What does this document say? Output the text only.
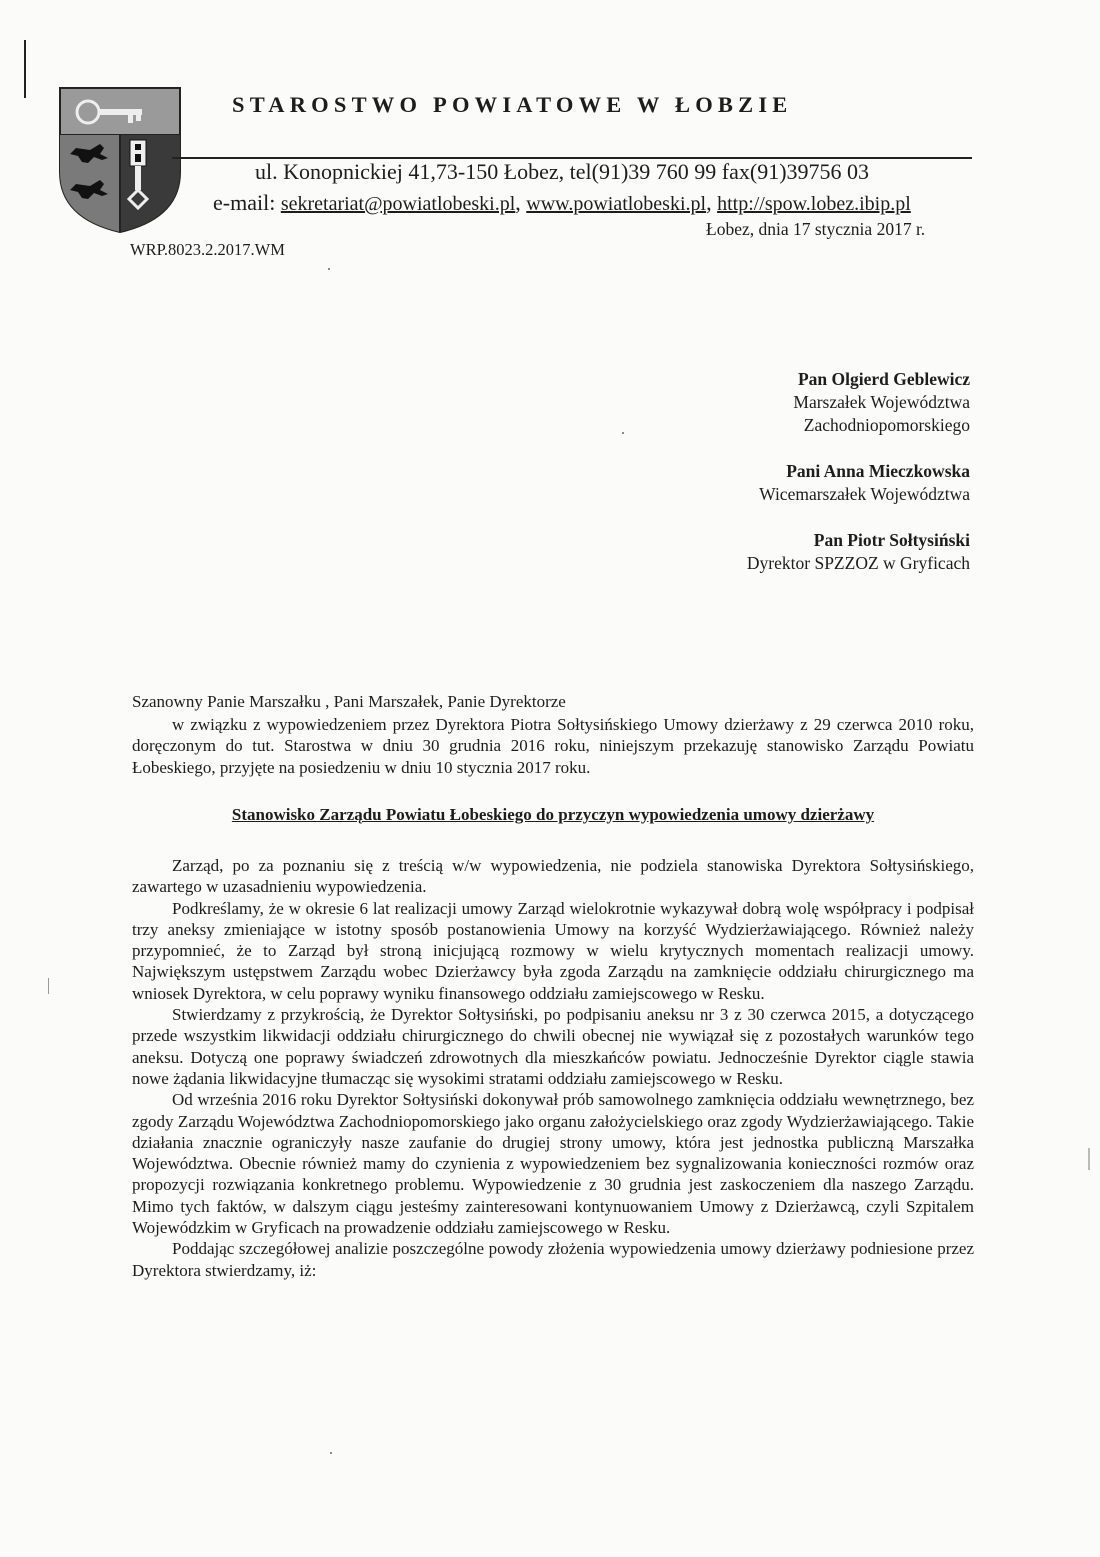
STAROSTWO POWIATOWE W ŁOBZIE
ul. Konopnickiej 41,73-150 Łobez, tel(91)39 760 99 fax(91)39756 03
e-mail: sekretariat@powiatlobeski.pl, www.powiatlobeski.pl, http://spow.lobez.ibip.pl
Łobez, dnia 17 stycznia 2017 r.
WRP.8023.2.2017.WM
Pan Olgierd Geblewicz
Marszałek Województwa
Zachodniopomorskiego
Pani Anna Mieczkowska
Wicemarszałek Województwa
Pan Piotr Sołtysiński
Dyrektor SPZZOZ w Gryficach
Szanowny Panie Marszałku , Pani Marszałek, Panie Dyrektorze

w związku z wypowiedzeniem przez Dyrektora Piotra Sołtysińskiego Umowy dzierżawy z 29 czerwca 2010 roku, doręczonym do tut. Starostwa w dniu 30 grudnia 2016 roku, niniejszym przekazuję stanowisko Zarządu Powiatu Łobeskiego, przyjęte na posiedzeniu w dniu 10 stycznia 2017 roku.

Stanowisko Zarządu Powiatu Łobeskiego do przyczyn wypowiedzenia umowy dzierżawy

Zarząd, po za poznaniu się z treścią w/w wypowiedzenia, nie podziela stanowiska Dyrektora Sołtysińskiego, zawartego w uzasadnieniu wypowiedzenia.

Podkreślamy, że w okresie 6 lat realizacji umowy Zarząd wielokrotnie wykazywał dobrą wolę współpracy i podpisał trzy aneksy zmieniające w istotny sposób postanowienia Umowy na korzyść Wydzierżawiającego. Również należy przypomnieć, że to Zarząd był stroną inicjującą rozmowy w wielu krytycznych momentach realizacji umowy. Największym ustępstwem Zarządu wobec Dzierżawcy była zgoda Zarządu na zamknięcie oddziału chirurgicznego ma wniosek Dyrektora, w celu poprawy wyniku finansowego oddziału zamiejscowego w Resku.

Stwierdzamy z przykrością, że Dyrektor Sołtysiński, po podpisaniu aneksu nr 3 z 30 czerwca 2015, a dotyczącego przede wszystkim likwidacji oddziału chirurgicznego do chwili obecnej nie wywiązał się z pozostałych warunków tego aneksu. Dotyczą one poprawy świadczeń zdrowotnych dla mieszkańców powiatu. Jednocześnie Dyrektor ciągle stawia nowe żądania likwidacyjne tłumacząc się wysokimi stratami oddziału zamiejscowego w Resku.

Od września 2016 roku Dyrektor Sołtysiński dokonywał prób samowolnego zamknięcia oddziału wewnętrznego, bez zgody Zarządu Województwa Zachodniopomorskiego jako organu założycielskiego oraz zgody Wydzierżawiającego. Takie działania znacznie ograniczyły nasze zaufanie do drugiej strony umowy, która jest jednostka publiczną Marszałka Województwa. Obecnie również mamy do czynienia z wypowiedzeniem bez sygnalizowania konieczności rozmów oraz propozycji rozwiązania konkretnego problemu. Wypowiedzenie z 30 grudnia jest zaskoczeniem dla naszego Zarządu. Mimo tych faktów, w dalszym ciągu jesteśmy zainteresowani kontynuowaniem Umowy z Dzierżawcą, czyli Szpitalem Wojewódzkim w Gryficach na prowadzenie oddziału zamiejscowego w Resku.

Poddając szczegółowej analizie poszczególne powody złożenia wypowiedzenia umowy dzierżawy podniesione przez Dyrektora stwierdzamy, iż:
